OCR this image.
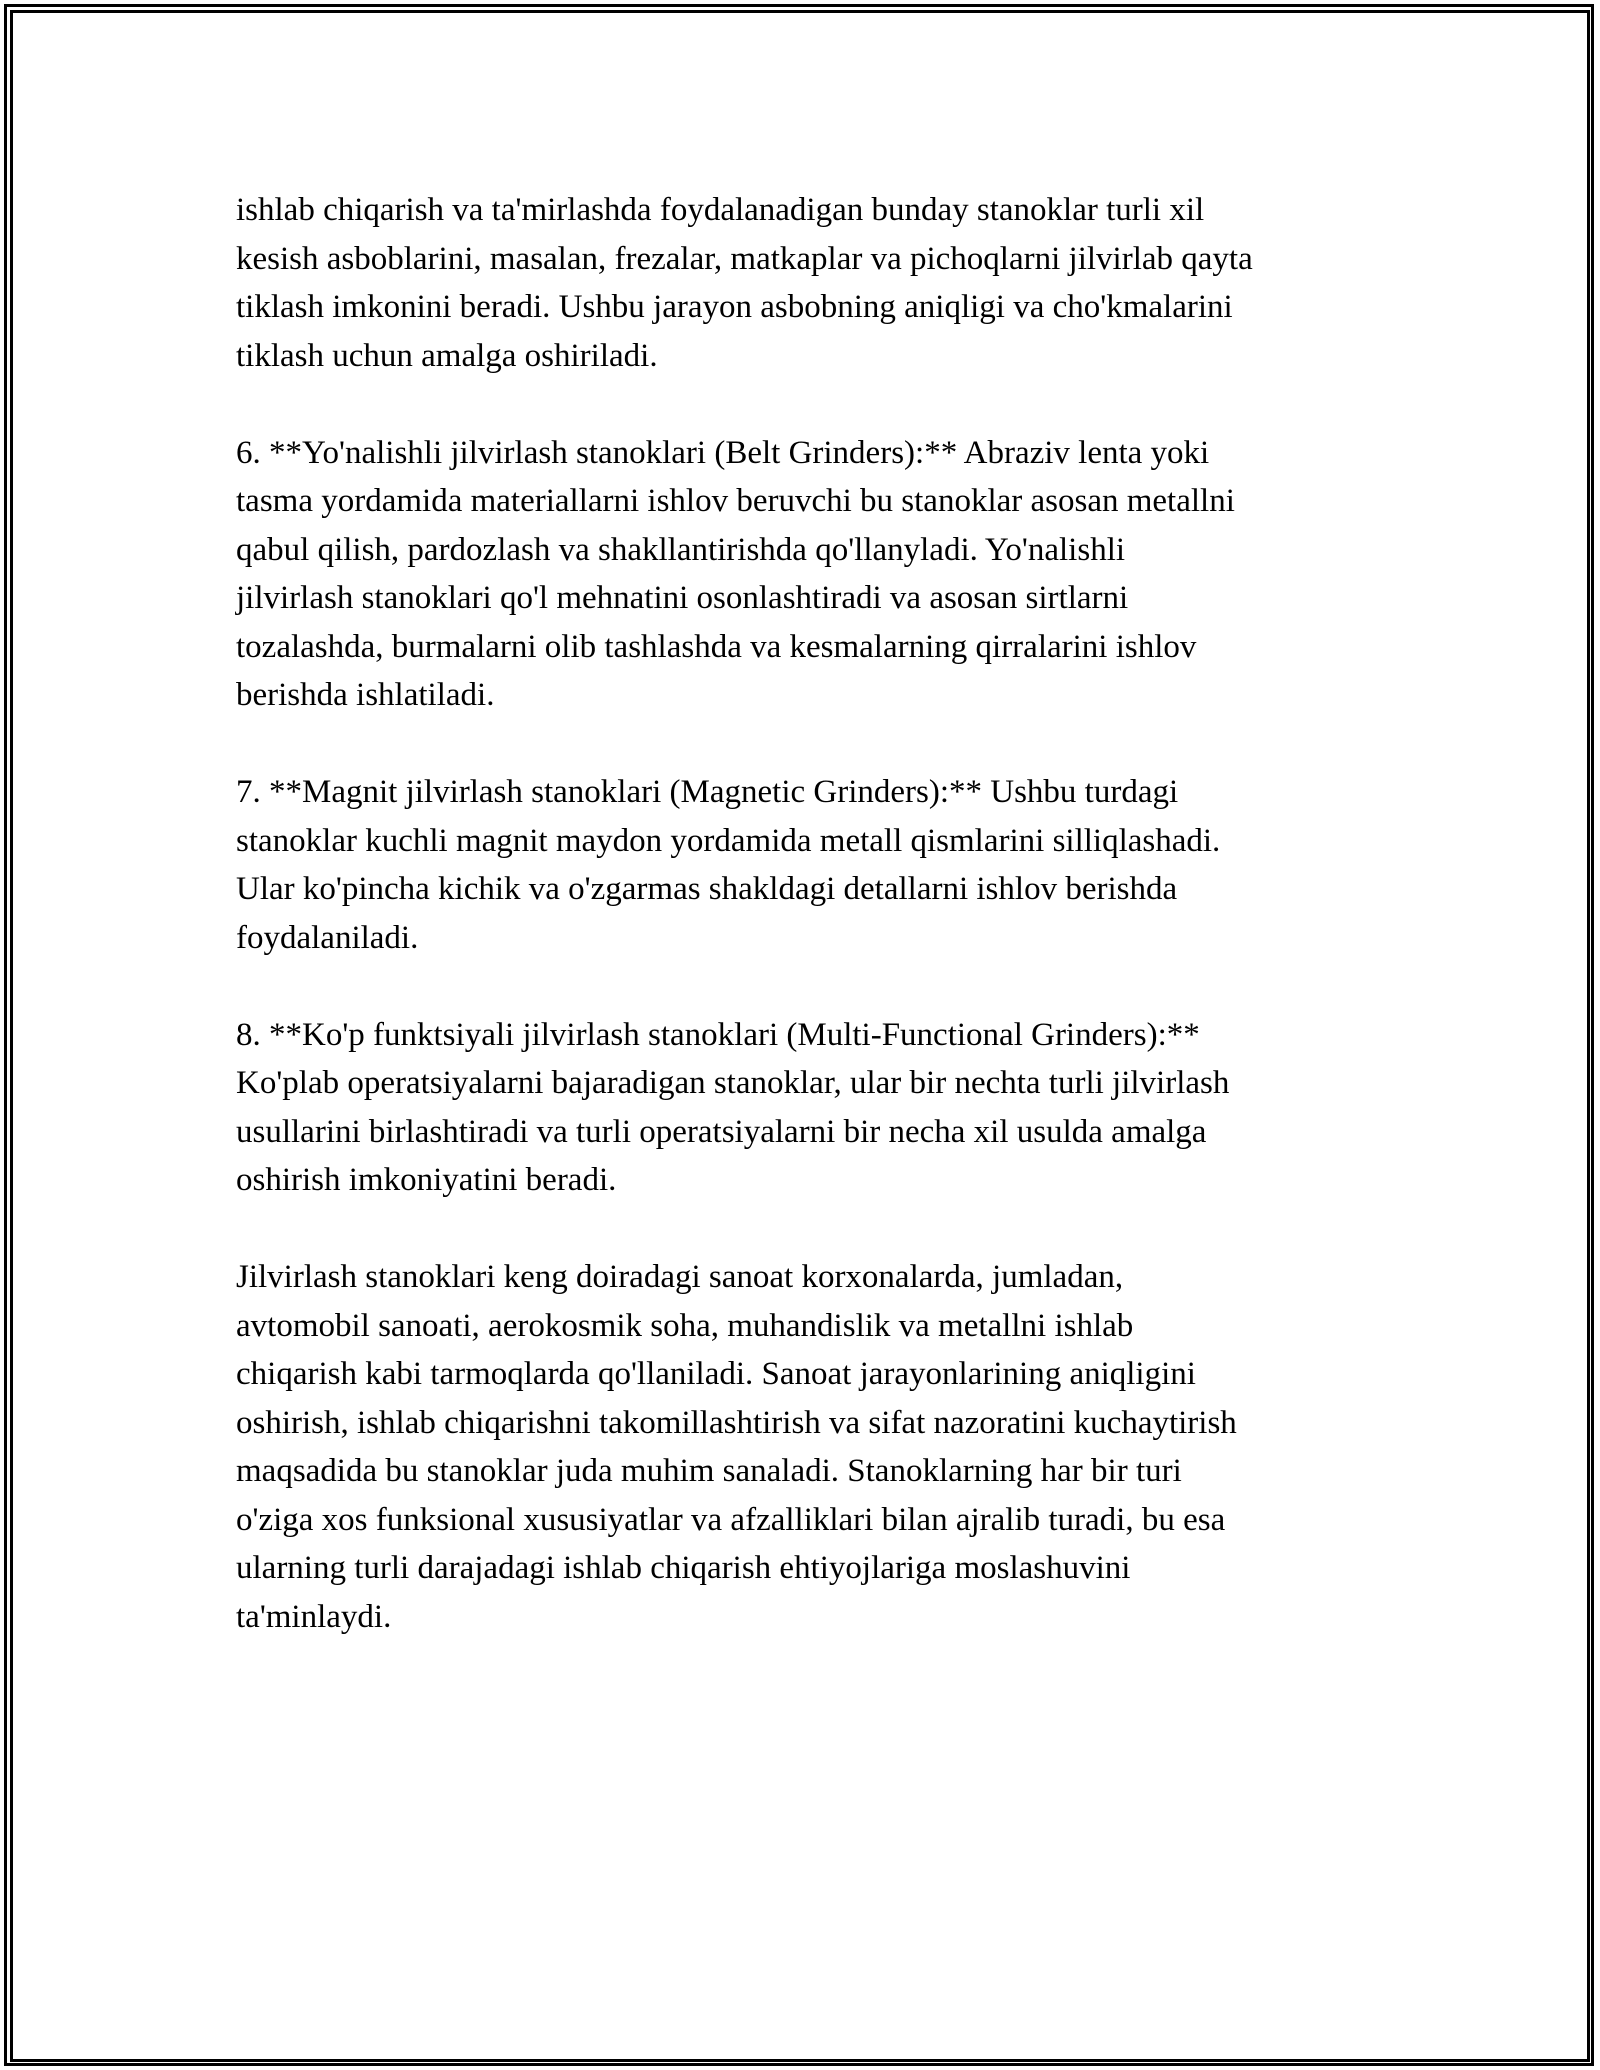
ishlab chiqarish va ta'mirlashda foydalanadigan bunday stanoklar turli xil
kesish asboblarini, masalan, frezalar, matkaplar va pichoqlarni jilvirlab qayta
tiklash imkonini beradi. Ushbu jarayon asbobning aniqligi va cho'kmalarini
tiklash uchun amalga oshiriladi.
6. **Yo'nalishli jilvirlash stanoklari (Belt Grinders):** Abraziv lenta yoki
tasma yordamida materiallarni ishlov beruvchi bu stanoklar asosan metallni
qabul qilish, pardozlash va shakllantirishda qo'llanyladi. Yo'nalishli
jilvirlash stanoklari qo'l mehnatini osonlashtiradi va asosan sirtlarni
tozalashda, burmalarni olib tashlashda va kesmalarning qirralarini ishlov
berishda ishlatiladi.
7. **Magnit jilvirlash stanoklari (Magnetic Grinders):** Ushbu turdagi
stanoklar kuchli magnit maydon yordamida metall qismlarini silliqlashadi.
Ular ko'pincha kichik va o'zgarmas shakldagi detallarni ishlov berishda
foydalaniladi.
8. **Ko'p funktsiyali jilvirlash stanoklari (Multi-Functional Grinders):**
Ko'plab operatsiyalarni bajaradigan stanoklar, ular bir nechta turli jilvirlash
usullarini birlashtiradi va turli operatsiyalarni bir necha xil usulda amalga
oshirish imkoniyatini beradi.
Jilvirlash stanoklari keng doiradagi sanoat korxonalarda, jumladan,
avtomobil sanoati, aerokosmik soha, muhandislik va metallni ishlab
chiqarish kabi tarmoqlarda qo'llaniladi. Sanoat jarayonlarining aniqligini
oshirish, ishlab chiqarishni takomillashtirish va sifat nazoratini kuchaytirish
maqsadida bu stanoklar juda muhim sanaladi. Stanoklarning har bir turi
o'ziga xos funksional xususiyatlar va afzalliklari bilan ajralib turadi, bu esa
ularning turli darajadagi ishlab chiqarish ehtiyojlariga moslashuvini
ta'minlaydi.
